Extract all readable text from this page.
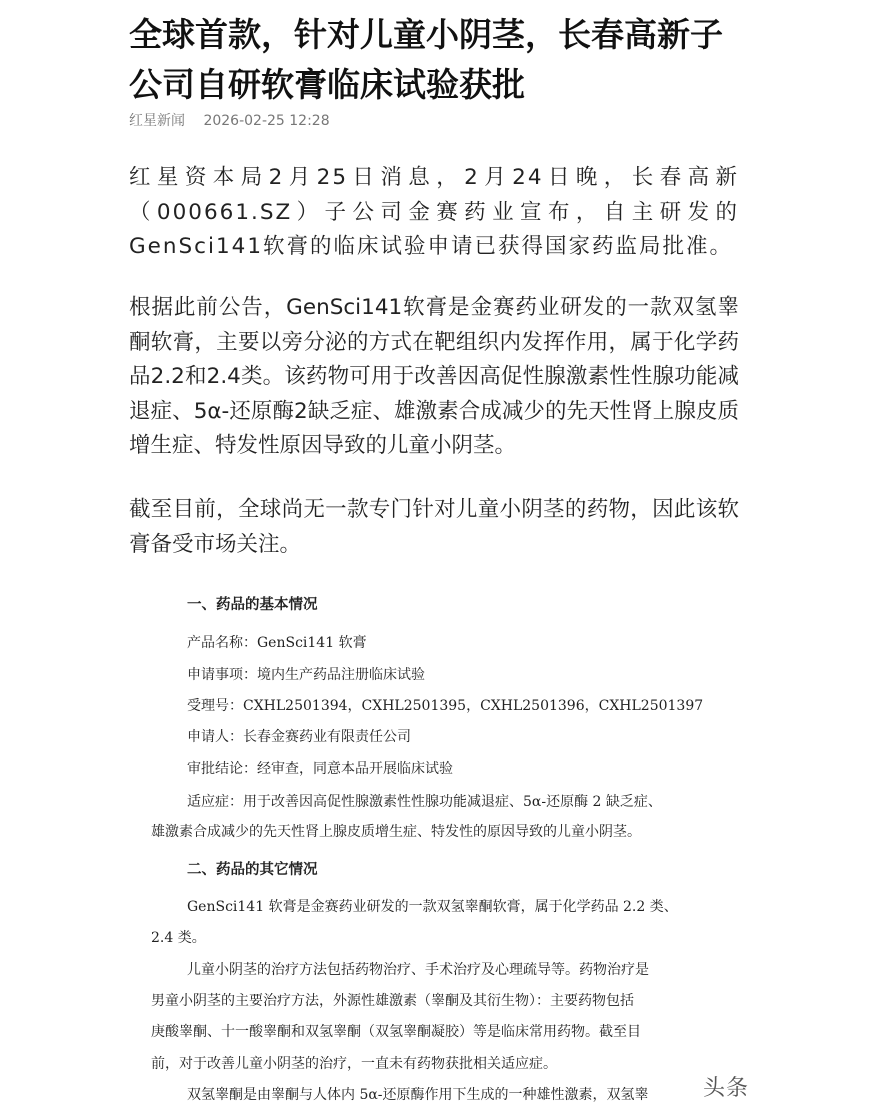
全球首款，针对儿童小阴茎，长春高新子公司自研软膏临床试验获批
红星新闻 2026-02-25 12:28

红星资本局2月25日消息，2月24日晚，长春高新（000661.SZ）子公司金赛药业宣布，自主研发的GenSci141软膏的临床试验申请已获得国家药监局批准。

根据此前公告，GenSci141软膏是金赛药业研发的一款双氢睾酮软膏，主要以旁分泌的方式在靶组织内发挥作用，属于化学药品2.2和2.4类。该药物可用于改善因高促性腺激素性性腺功能减退症、5α-还原酶2缺乏症、雄激素合成减少的先天性肾上腺皮质增生症、特发性原因导致的儿童小阴茎。

截至目前，全球尚无一款专门针对儿童小阴茎的药物，因此该软膏备受市场关注。

一、药品的基本情况
产品名称：GenSci141 软膏
申请事项：境内生产药品注册临床试验
受理号：CXHL2501394，CXHL2501395，CXHL2501396，CXHL2501397
申请人：长春金赛药业有限责任公司
审批结论：经审查，同意本品开展临床试验
适应症：用于改善因高促性腺激素性性腺功能减退症、5α-还原酶 2 缺乏症、
雄激素合成减少的先天性肾上腺皮质增生症、特发性的原因导致的儿童小阴茎。
二、药品的其它情况
GenSci141 软膏是金赛药业研发的一款双氢睾酮软膏，属于化学药品 2.2 类、
2.4 类。
儿童小阴茎的治疗方法包括药物治疗、手术治疗及心理疏导等。药物治疗是
男童小阴茎的主要治疗方法，外源性雄激素（睾酮及其衍生物）：主要药物包括
庚酸睾酮、十一酸睾酮和双氢睾酮（双氢睾酮凝胶）等是临床常用药物。截至目
前，对于改善儿童小阴茎的治疗，一直未有药物获批相关适应症。
双氢睾酮是由睾酮与人体内 5α-还原酶作用下生成的一种雄性激素，双氢睾 头条
